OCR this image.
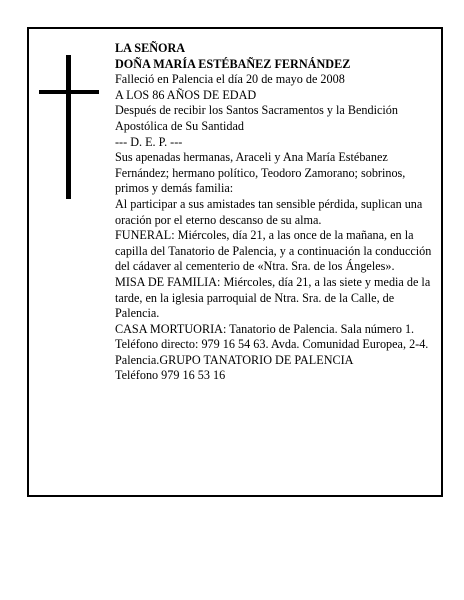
LA SEÑORA

DOÑA MARÍA ESTÉBAÑEZ FERNÁNDEZ

Falleció en Palencia el día 20 de mayo de 2008

A LOS 86 AÑOS DE EDAD

Después de recibir los Santos Sacramentos y la Bendición Apostólica de Su Santidad

--- D. E. P. ---

Sus apenadas hermanas, Araceli y Ana María Estébanez Fernández; hermano político, Teodoro Zamorano; sobrinos, primos y demás familia:

Al participar a sus amistades tan sensible pérdida, suplican una oración por el eterno descanso de su alma.

FUNERAL: Miércoles, día 21, a las once de la mañana, en la capilla del Tanatorio de Palencia, y a continuación la conducción del cádaver al cementerio de «Ntra. Sra. de los Ángeles».

MISA DE FAMILIA: Miércoles, día 21, a las siete y media de la tarde, en la iglesia parroquial de Ntra. Sra. de la Calle, de Palencia.

CASA MORTUORIA: Tanatorio de Palencia. Sala número 1. Teléfono directo: 979 16 54 63. Avda. Comunidad Europea, 2-4. Palencia.GRUPO TANATORIO DE PALENCIA

Teléfono 979 16 53 16
